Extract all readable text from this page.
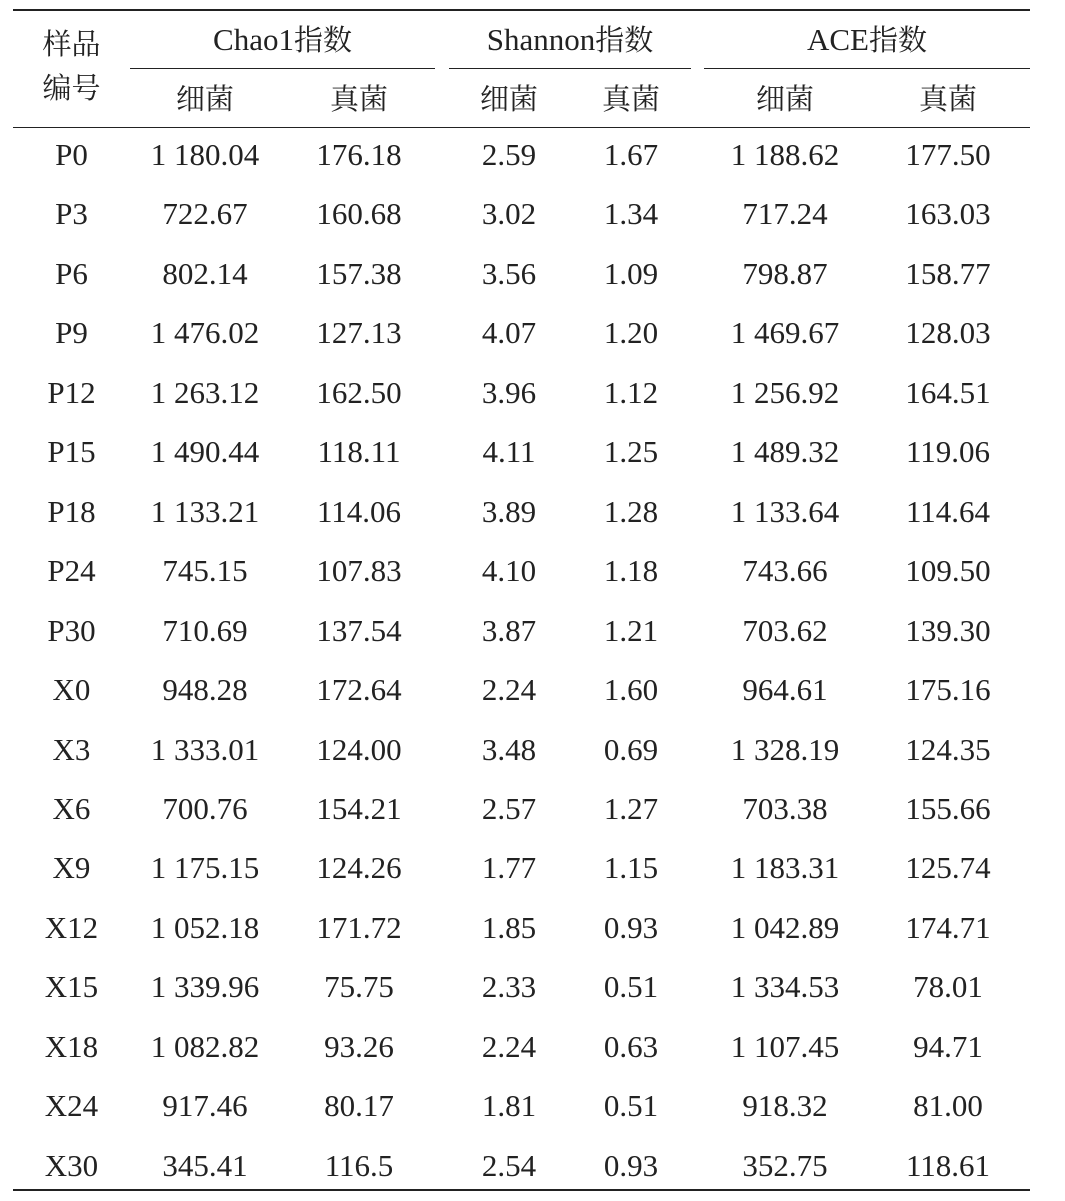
样品
编号
Chao1指数	Shannon指数	ACE指数
细菌	真菌	细菌	真菌	细菌	真菌
P0	1 180.04	176.18	2.59	1.67	1 188.62	177.50
P3	722.67	160.68	3.02	1.34	717.24	163.03
P6	802.14	157.38	3.56	1.09	798.87	158.77
P9	1 476.02	127.13	4.07	1.20	1 469.67	128.03
P12	1 263.12	162.50	3.96	1.12	1 256.92	164.51
P15	1 490.44	118.11	4.11	1.25	1 489.32	119.06
P18	1 133.21	114.06	3.89	1.28	1 133.64	114.64
P24	745.15	107.83	4.10	1.18	743.66	109.50
P30	710.69	137.54	3.87	1.21	703.62	139.30
X0	948.28	172.64	2.24	1.60	964.61	175.16
X3	1 333.01	124.00	3.48	0.69	1 328.19	124.35
X6	700.76	154.21	2.57	1.27	703.38	155.66
X9	1 175.15	124.26	1.77	1.15	1 183.31	125.74
X12	1 052.18	171.72	1.85	0.93	1 042.89	174.71
X15	1 339.96	75.75	2.33	0.51	1 334.53	78.01
X18	1 082.82	93.26	2.24	0.63	1 107.45	94.71
X24	917.46	80.17	1.81	0.51	918.32	81.00
X30	345.41	116.5	2.54	0.93	352.75	118.61
